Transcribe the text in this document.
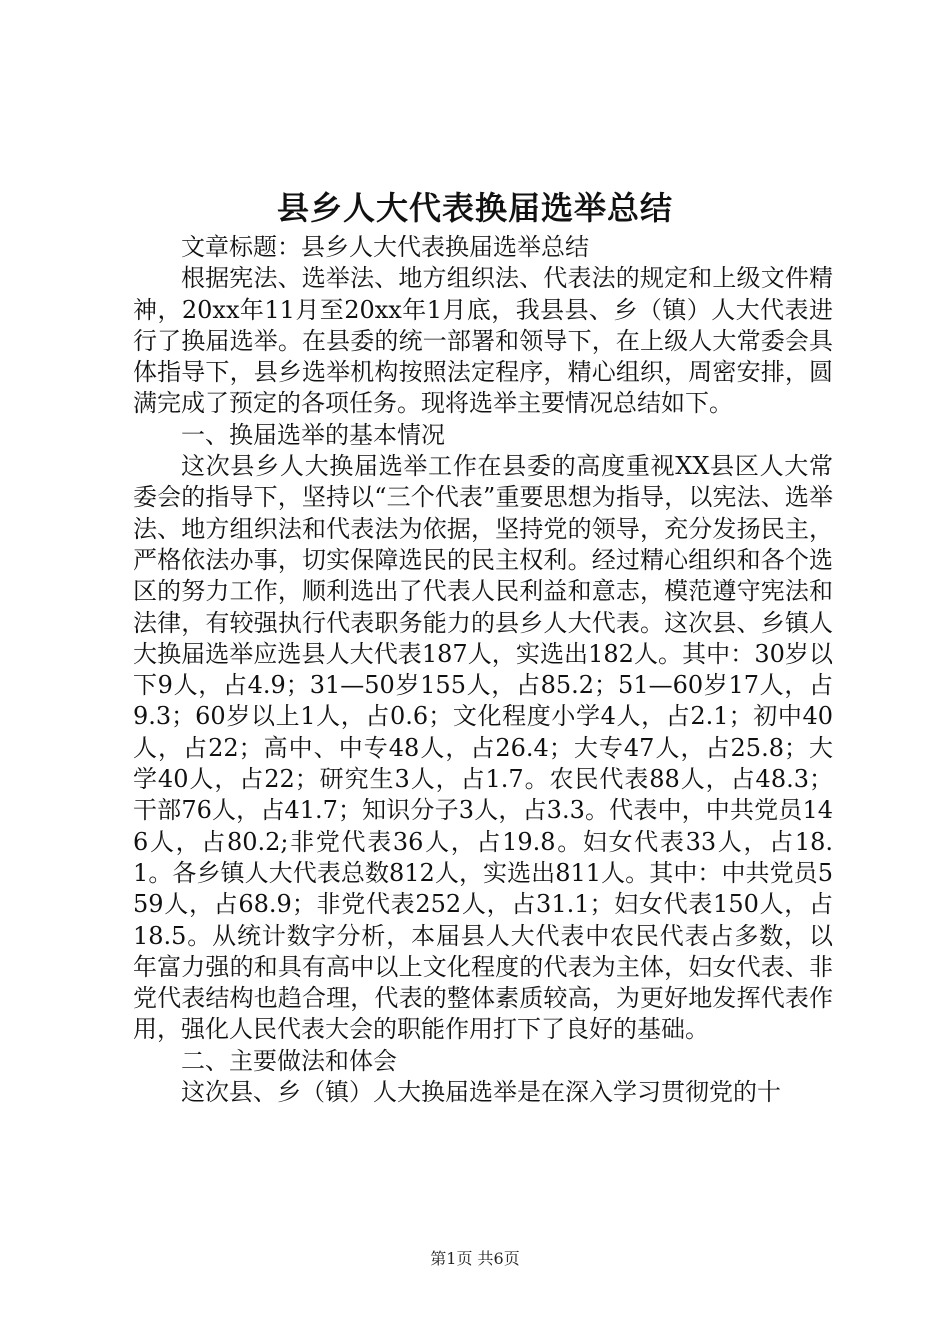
县乡人大代表换届选举总结

文章标题：县乡人大代表换届选举总结

根据宪法、选举法、地方组织法、代表法的规定和上级文件精神，20xx年11月至20xx年1月底，我县县、乡（镇）人大代表进行了换届选举。在县委的统一部署和领导下，在上级人大常委会具体指导下，县乡选举机构按照法定程序，精心组织，周密安排，圆满完成了预定的各项任务。现将选举主要情况总结如下。

一、换届选举的基本情况

这次县乡人大换届选举工作在县委的高度重视XX县区人大常委会的指导下，坚持以“三个代表”重要思想为指导，以宪法、选举法、地方组织法和代表法为依据，坚持党的领导，充分发扬民主，严格依法办事，切实保障选民的民主权利。经过精心组织和各个选区的努力工作，顺利选出了代表人民利益和意志，模范遵守宪法和法律，有较强执行代表职务能力的县乡人大代表。这次县、乡镇人大换届选举应选县人大代表187人，实选出182人。其中：30岁以下9人，占4.9；31—50岁155人，占85.2；51—60岁17人，占9.3；60岁以上1人，占0.6；文化程度小学4人，占2.1；初中40人，占22；高中、中专48人，占26.4；大专47人，占25.8；大学40人，占22；研究生3人，占1.7。农民代表88人，占48.3；干部76人，占41.7；知识分子3人，占3.3。代表中，中共党员146人，占80.2;非党代表36人，占19.8。妇女代表33人，占18.1。各乡镇人大代表总数812人，实选出811人。其中：中共党员559人，占68.9；非党代表252人，占31.1；妇女代表150人，占18.5。从统计数字分析，本届县人大代表中农民代表占多数，以年富力强的和具有高中以上文化程度的代表为主体，妇女代表、非党代表结构也趋合理，代表的整体素质较高，为更好地发挥代表作用，强化人民代表大会的职能作用打下了良好的基础。

二、主要做法和体会

这次县、乡（镇）人大换届选举是在深入学习贯彻党的十

第1页 共6页
